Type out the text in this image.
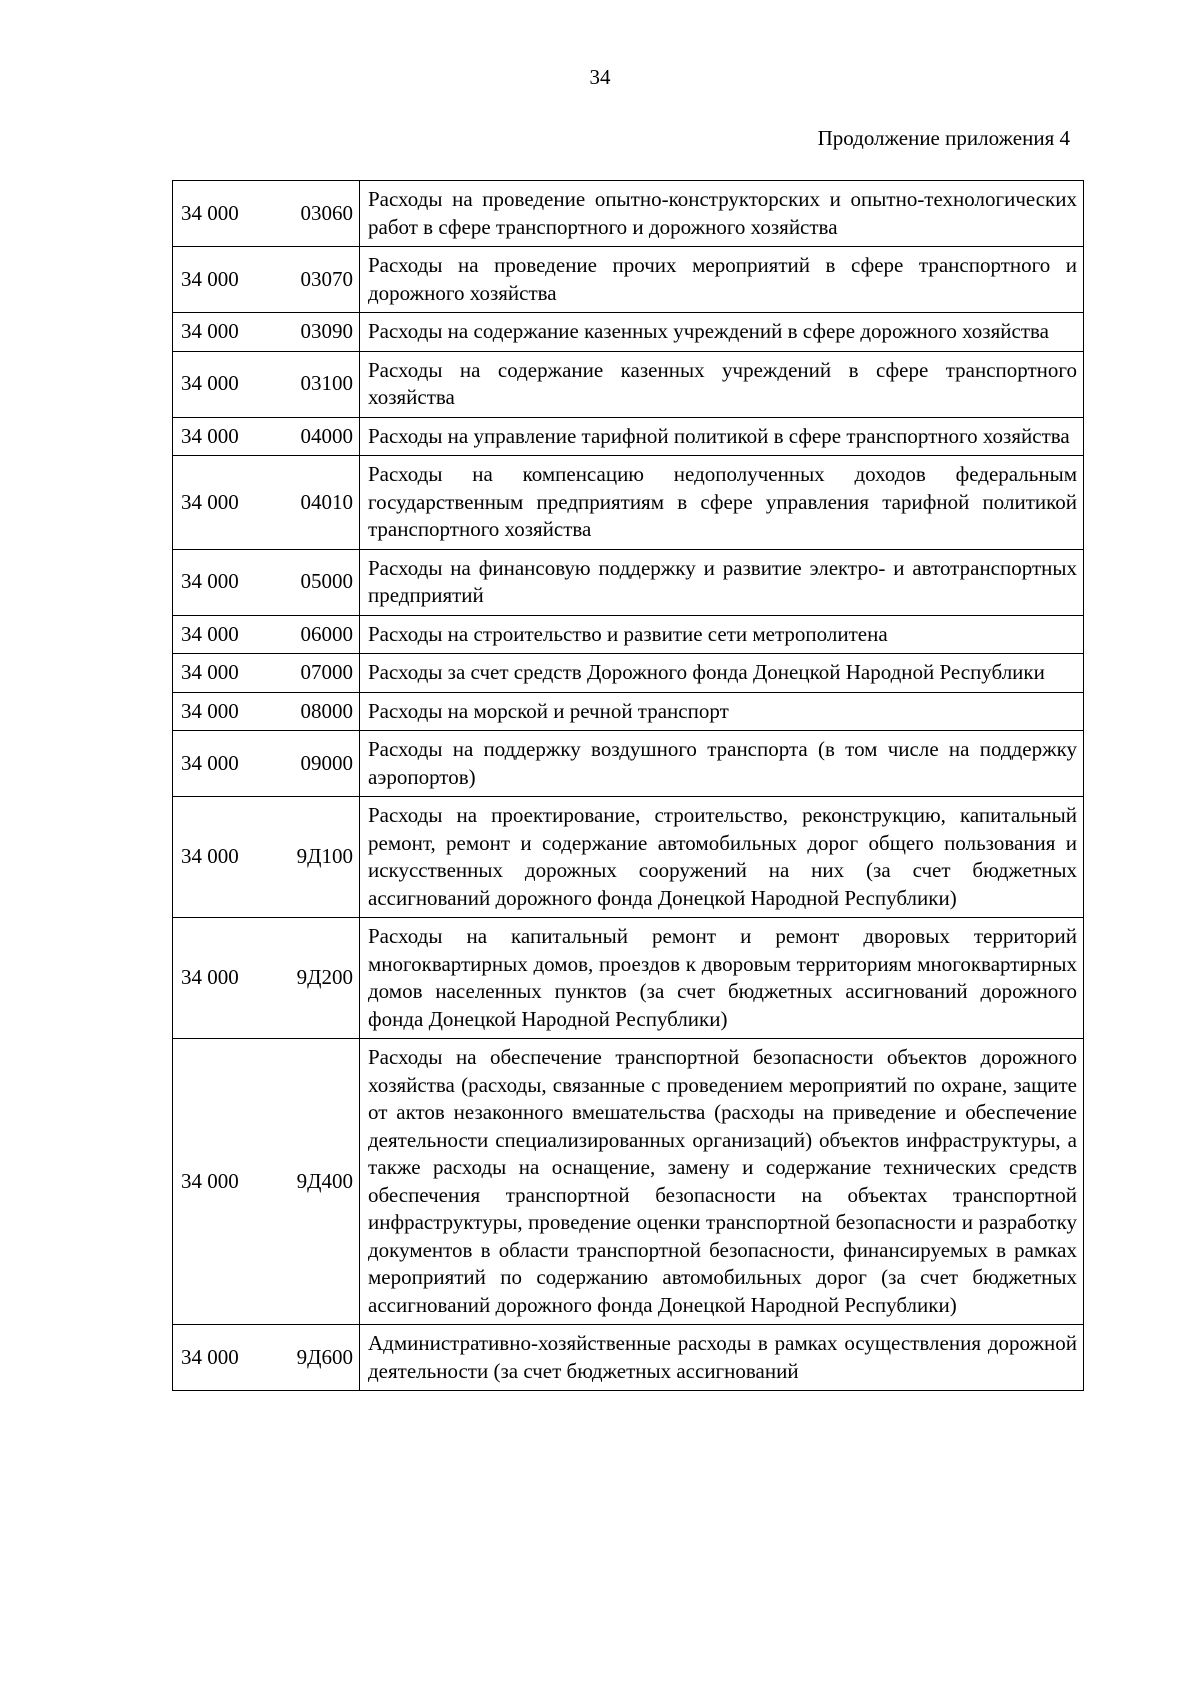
34
Продолжение приложения 4
34 000 03060	Расходы на проведение опытно-конструкторских и опытно-технологических работ в сфере транспортного и дорожного хозяйства

34 000 03070	Расходы на проведение прочих мероприятий в сфере транспортного и дорожного хозяйства

34 000 03090	Расходы на содержание казенных учреждений в сфере дорожного хозяйства

34 000 03100	Расходы на содержание казенных учреждений в сфере транспортного хозяйства

34 000 04000	Расходы на управление тарифной политикой в сфере транспортного хозяйства

34 000 04010	Расходы на компенсацию недополученных доходов федеральным государственным предприятиям в сфере управления тарифной политикой транспортного хозяйства

34 000 05000	Расходы на финансовую поддержку и развитие электро- и автотранспортных предприятий

34 000 06000	Расходы на строительство и развитие сети метрополитена

34 000 07000	Расходы за счет средств Дорожного фонда Донецкой Народной Республики

34 000 08000	Расходы на морской и речной транспорт

34 000 09000	Расходы на поддержку воздушного транспорта (в том числе на поддержку аэропортов)

34 000 9Д100	Расходы на проектирование, строительство, реконструкцию, капитальный ремонт, ремонт и содержание автомобильных дорог общего пользования и искусственных дорожных сооружений на них (за счет бюджетных ассигнований дорожного фонда Донецкой Народной Республики)

34 000 9Д200	Расходы на капитальный ремонт и ремонт дворовых территорий многоквартирных домов, проездов к дворовым территориям многоквартирных домов населенных пунктов (за счет бюджетных ассигнований дорожного фонда Донецкой Народной Республики)

34 000 9Д400	Расходы на обеспечение транспортной безопасности объектов дорожного хозяйства (расходы, связанные с проведением мероприятий по охране, защите от актов незаконного вмешательства (расходы на приведение и обеспечение деятельности специализированных организаций) объектов инфраструктуры, а также расходы на оснащение, замену и содержание технических средств обеспечения транспортной безопасности на объектах транспортной инфраструктуры, проведение оценки транспортной безопасности и разработку документов в области транспортной безопасности, финансируемых в рамках мероприятий по содержанию автомобильных дорог (за счет бюджетных ассигнований дорожного фонда Донецкой Народной Республики)

34 000 9Д600	Административно-хозяйственные расходы в рамках осуществления дорожной деятельности (за счет бюджетных ассигнований
